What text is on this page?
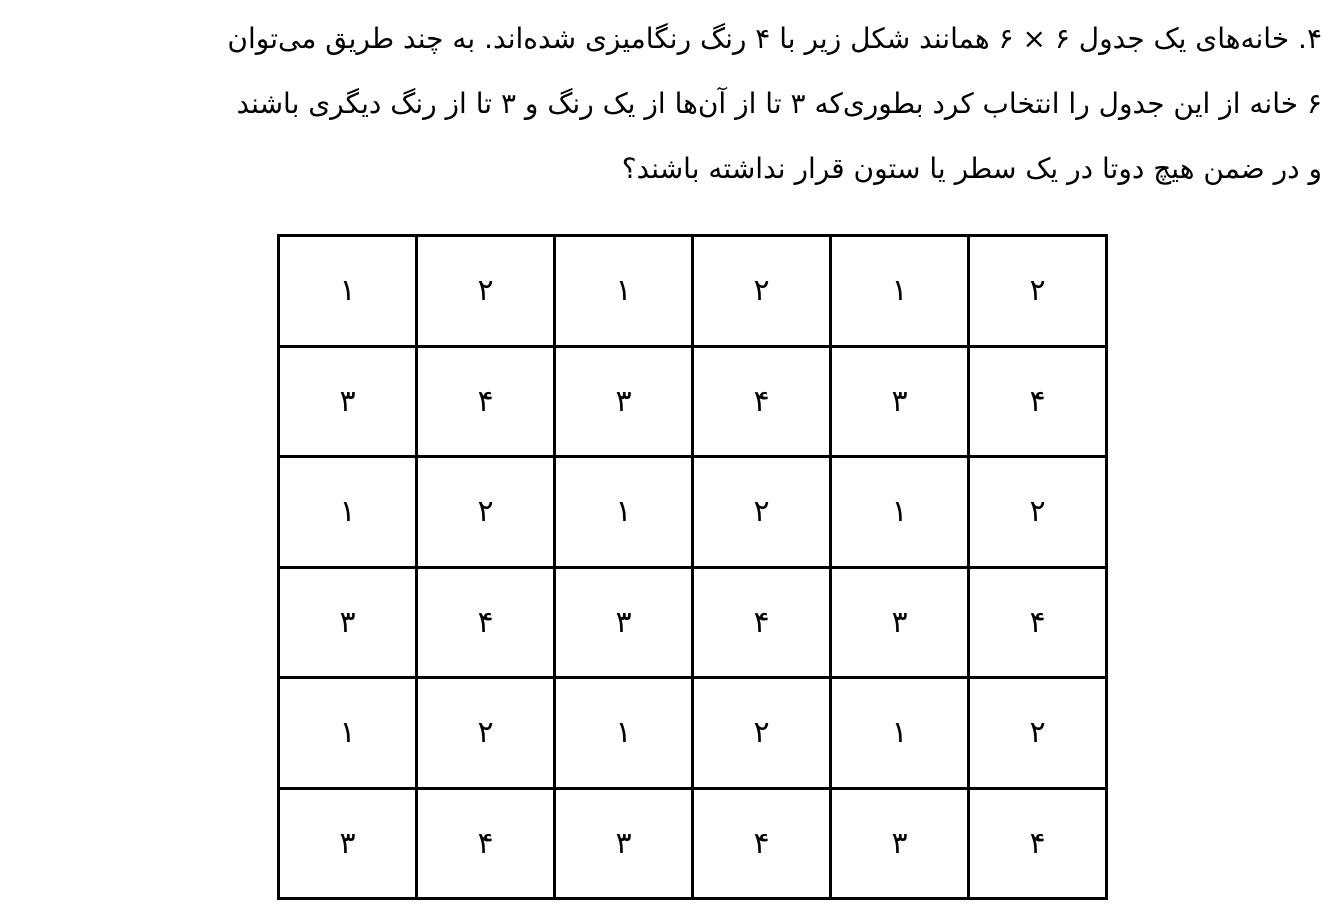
۴. خانه‌های یک جدول ۶ × ۶ همانند شکل زیر با ۴ رنگ رنگامیزی شده‌اند. به چند طریق می‌توان
۶ خانه از این جدول را انتخاب کرد بطوری‌که ۳ تا از آن‌ها از یک رنگ و ۳ تا از رنگ دیگری باشند
و در ضمن هیچ دوتا در یک سطر یا ستون قرار نداشته باشند؟
۲	۱	۲	۱	۲	۱
۴	۳	۴	۳	۴	۳
۲	۱	۲	۱	۲	۱
۴	۳	۴	۳	۴	۳
۲	۱	۲	۱	۲	۱
۴	۳	۴	۳	۴	۳
